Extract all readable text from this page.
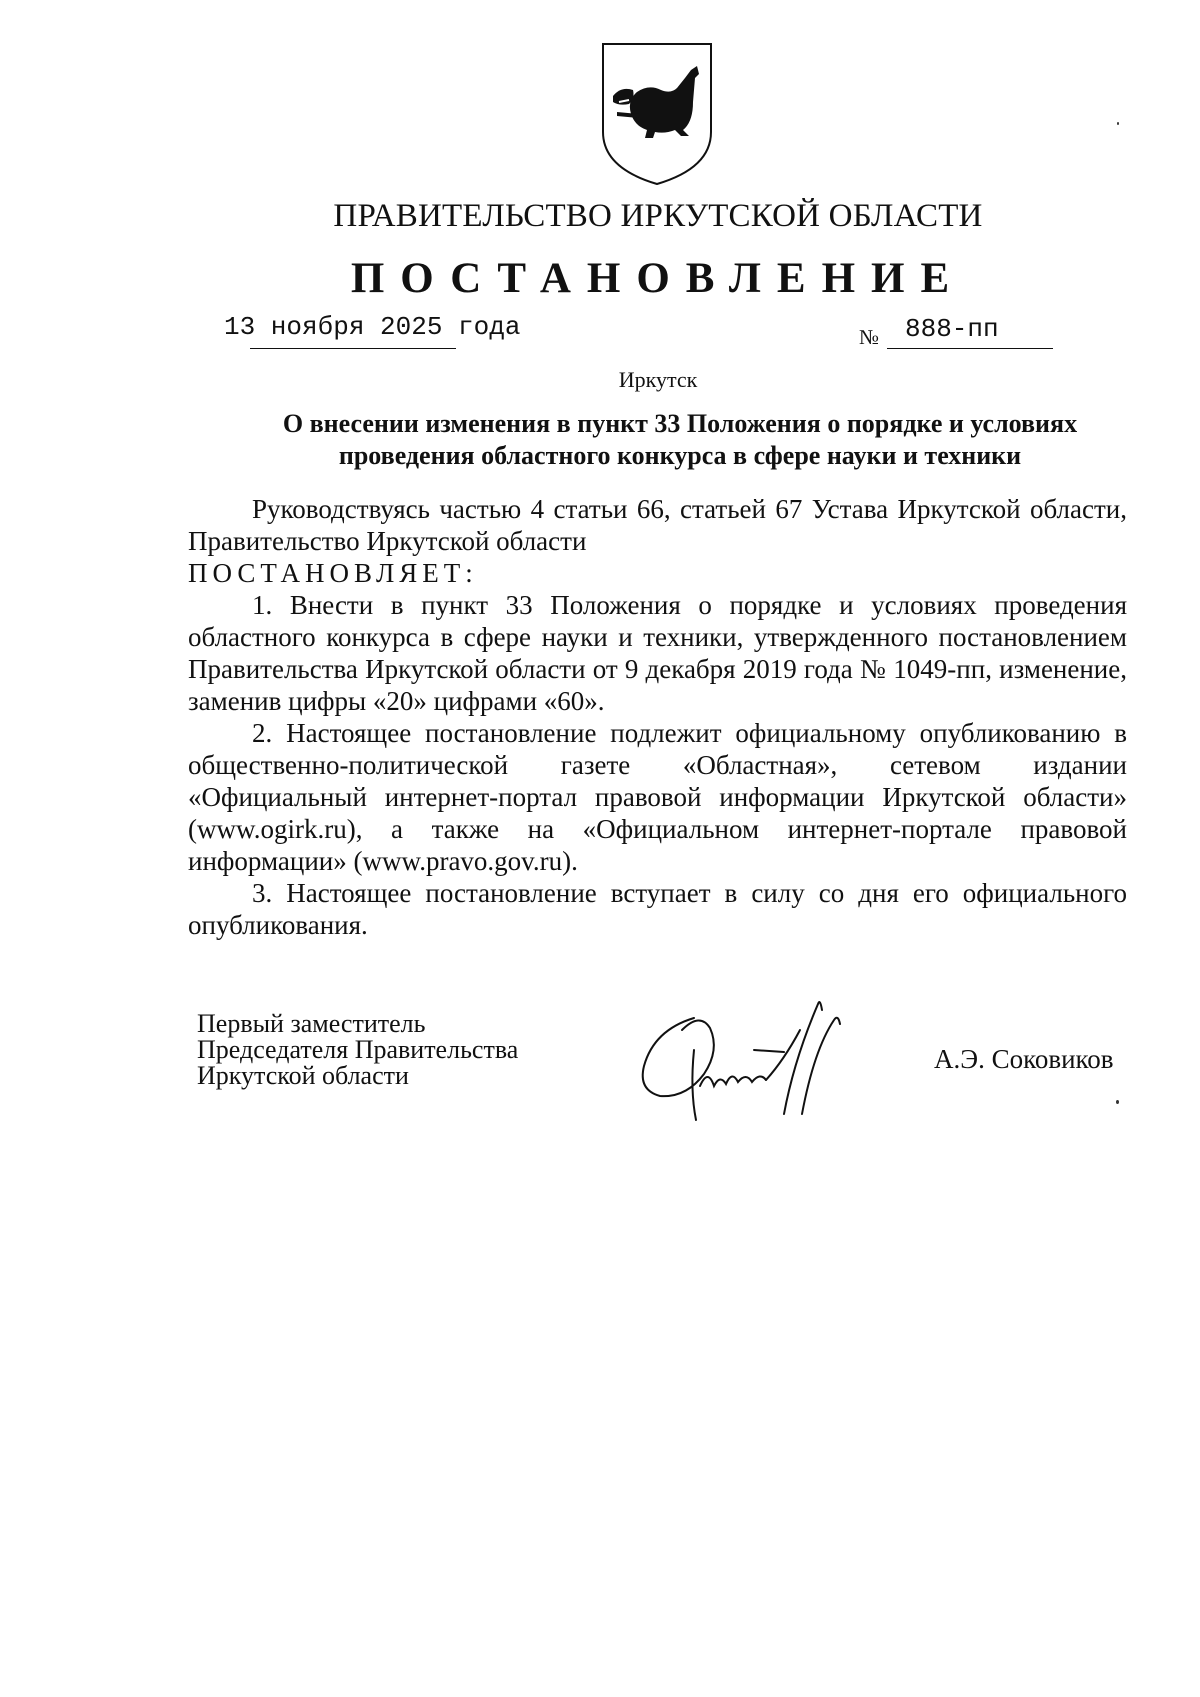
ПРАВИТЕЛЬСТВО ИРКУТСКОЙ ОБЛАСТИ
ПОСТАНОВЛЕНИЕ
13 ноября 2025 года	№ 888-пп
Иркутск
О внесении изменения в пункт 33 Положения о порядке и условиях
проведения областного конкурса в сфере науки и техники

Руководствуясь частью 4 статьи 66, статьей 67 Устава Иркутской области, Правительство Иркутской области

ПОСТАНОВЛЯЕТ:

1. Внести в пункт 33 Положения о порядке и условиях проведения областного конкурса в сфере науки и техники, утвержденного постановлением Правительства Иркутской области от 9 декабря 2019 года № 1049-пп, изменение, заменив цифры «20» цифрами «60».

2. Настоящее постановление подлежит официальному опубликованию в общественно-политической газете «Областная», сетевом издании «Официальный интернет-портал правовой информации Иркутской области» (www.ogirk.ru), а также на «Официальном интернет-портале правовой информации» (www.pravo.gov.ru).

3. Настоящее постановление вступает в силу со дня его официального опубликования.

Первый заместитель
Председателя Правительства
Иркутской области
А.Э. Соковиков
